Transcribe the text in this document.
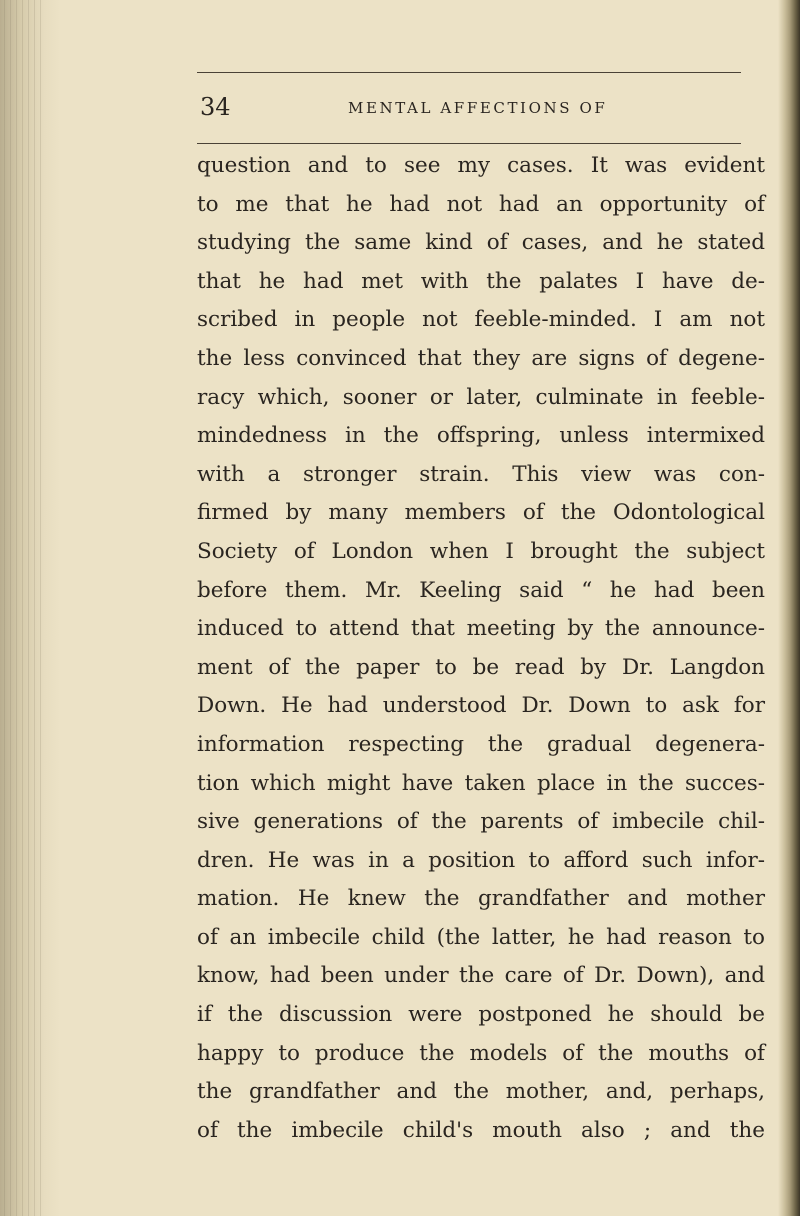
34	MENTAL AFFECTIONS OF
question and to see my cases. It was evident
to me that he had not had an opportunity of
studying the same kind of cases, and he stated
that he had met with the palates I have de-
scribed in people not feeble-minded. I am not
the less convinced that they are signs of degene-
racy which, sooner or later, culminate in feeble-
mindedness in the offspring, unless intermixed
with a stronger strain. This view was con-
firmed by many members of the Odontological
Society of London when I brought the subject
before them. Mr. Keeling said “ he had been
induced to attend that meeting by the announce-
ment of the paper to be read by Dr. Langdon
Down. He had understood Dr. Down to ask for
information respecting the gradual degenera-
tion which might have taken place in the succes-
sive generations of the parents of imbecile chil-
dren. He was in a position to afford such infor-
mation. He knew the grandfather and mother
of an imbecile child (the latter, he had reason to
know, had been under the care of Dr. Down), and
if the discussion were postponed he should be
happy to produce the models of the mouths of
the grandfather and the mother, and, perhaps,
of the imbecile child's mouth also ; and the
